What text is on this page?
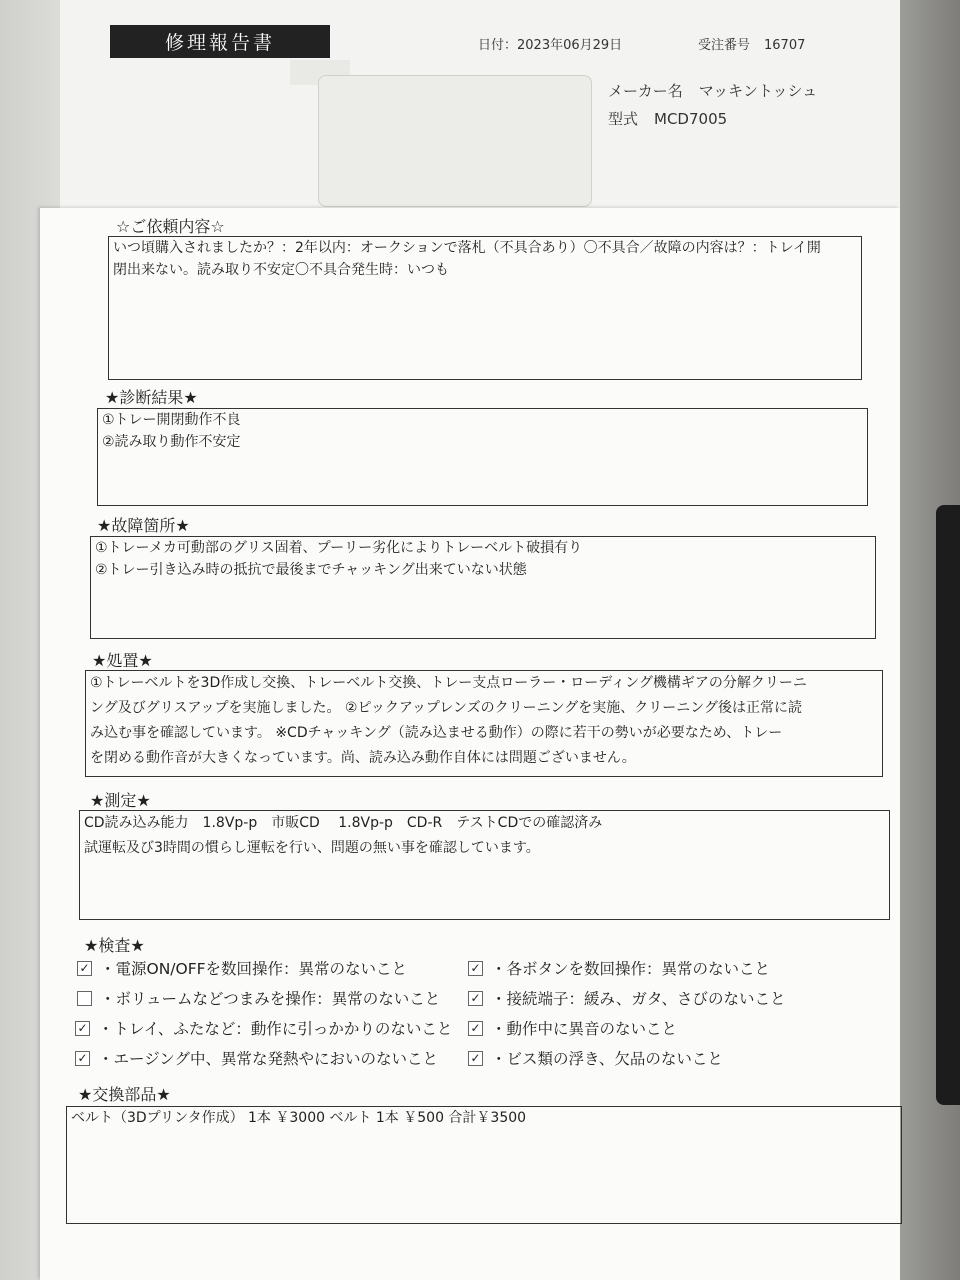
修理報告書	日付：2023年06月29日	受注番号 16707
メーカー名 マッキントッシュ
型式 MCD7005
☆ご依頼内容☆
いつ頃購入されましたか？：2年以内：オークションで落札（不具合あり）〇不具合／故障の内容は？：トレイ開
閉出来ない。読み取り不安定〇不具合発生時：いつも
★診断結果★
①トレー開閉動作不良
②読み取り動作不安定
★故障箇所★
①トレーメカ可動部のグリス固着、プーリー劣化によりトレーベルト破損有り
②トレー引き込み時の抵抗で最後までチャッキング出来ていない状態
★処置★
①トレーベルトを3D作成し交換、トレーベルト交換、トレー支点ローラー・ローディング機構ギアの分解クリーニ
ング及びグリスアップを実施しました。 ②ピックアップレンズのクリーニングを実施、クリーニング後は正常に読
み込む事を確認しています。 ※CDチャッキング（読み込ませる動作）の際に若干の勢いが必要なため、トレー
を閉める動作音が大きくなっています。尚、読み込み動作自体には問題ございません。
★測定★
CD読み込み能力　1.8Vp-p　市販CD　 1.8Vp-p　CD-R　テストCDでの確認済み
試運転及び3時間の慣らし運転を行い、問題の無い事を確認しています。
★検査★
✓ ・電源ON/OFFを数回操作：異常のないこと	✓ ・各ボタンを数回操作：異常のないこと
・ボリュームなどつまみを操作：異常のないこと	✓ ・接続端子：緩み、ガタ、さびのないこと
✓ ・トレイ、ふたなど：動作に引っかかりのないこと ✓ ・動作中に異音のないこと
✓ ・エージング中、異常な発熱やにおいのないこと	✓ ・ビス類の浮き、欠品のないこと
★交換部品★
ベルト（3Dプリンタ作成） 1本 ￥3000 ベルト 1本 ￥500 合計￥3500
